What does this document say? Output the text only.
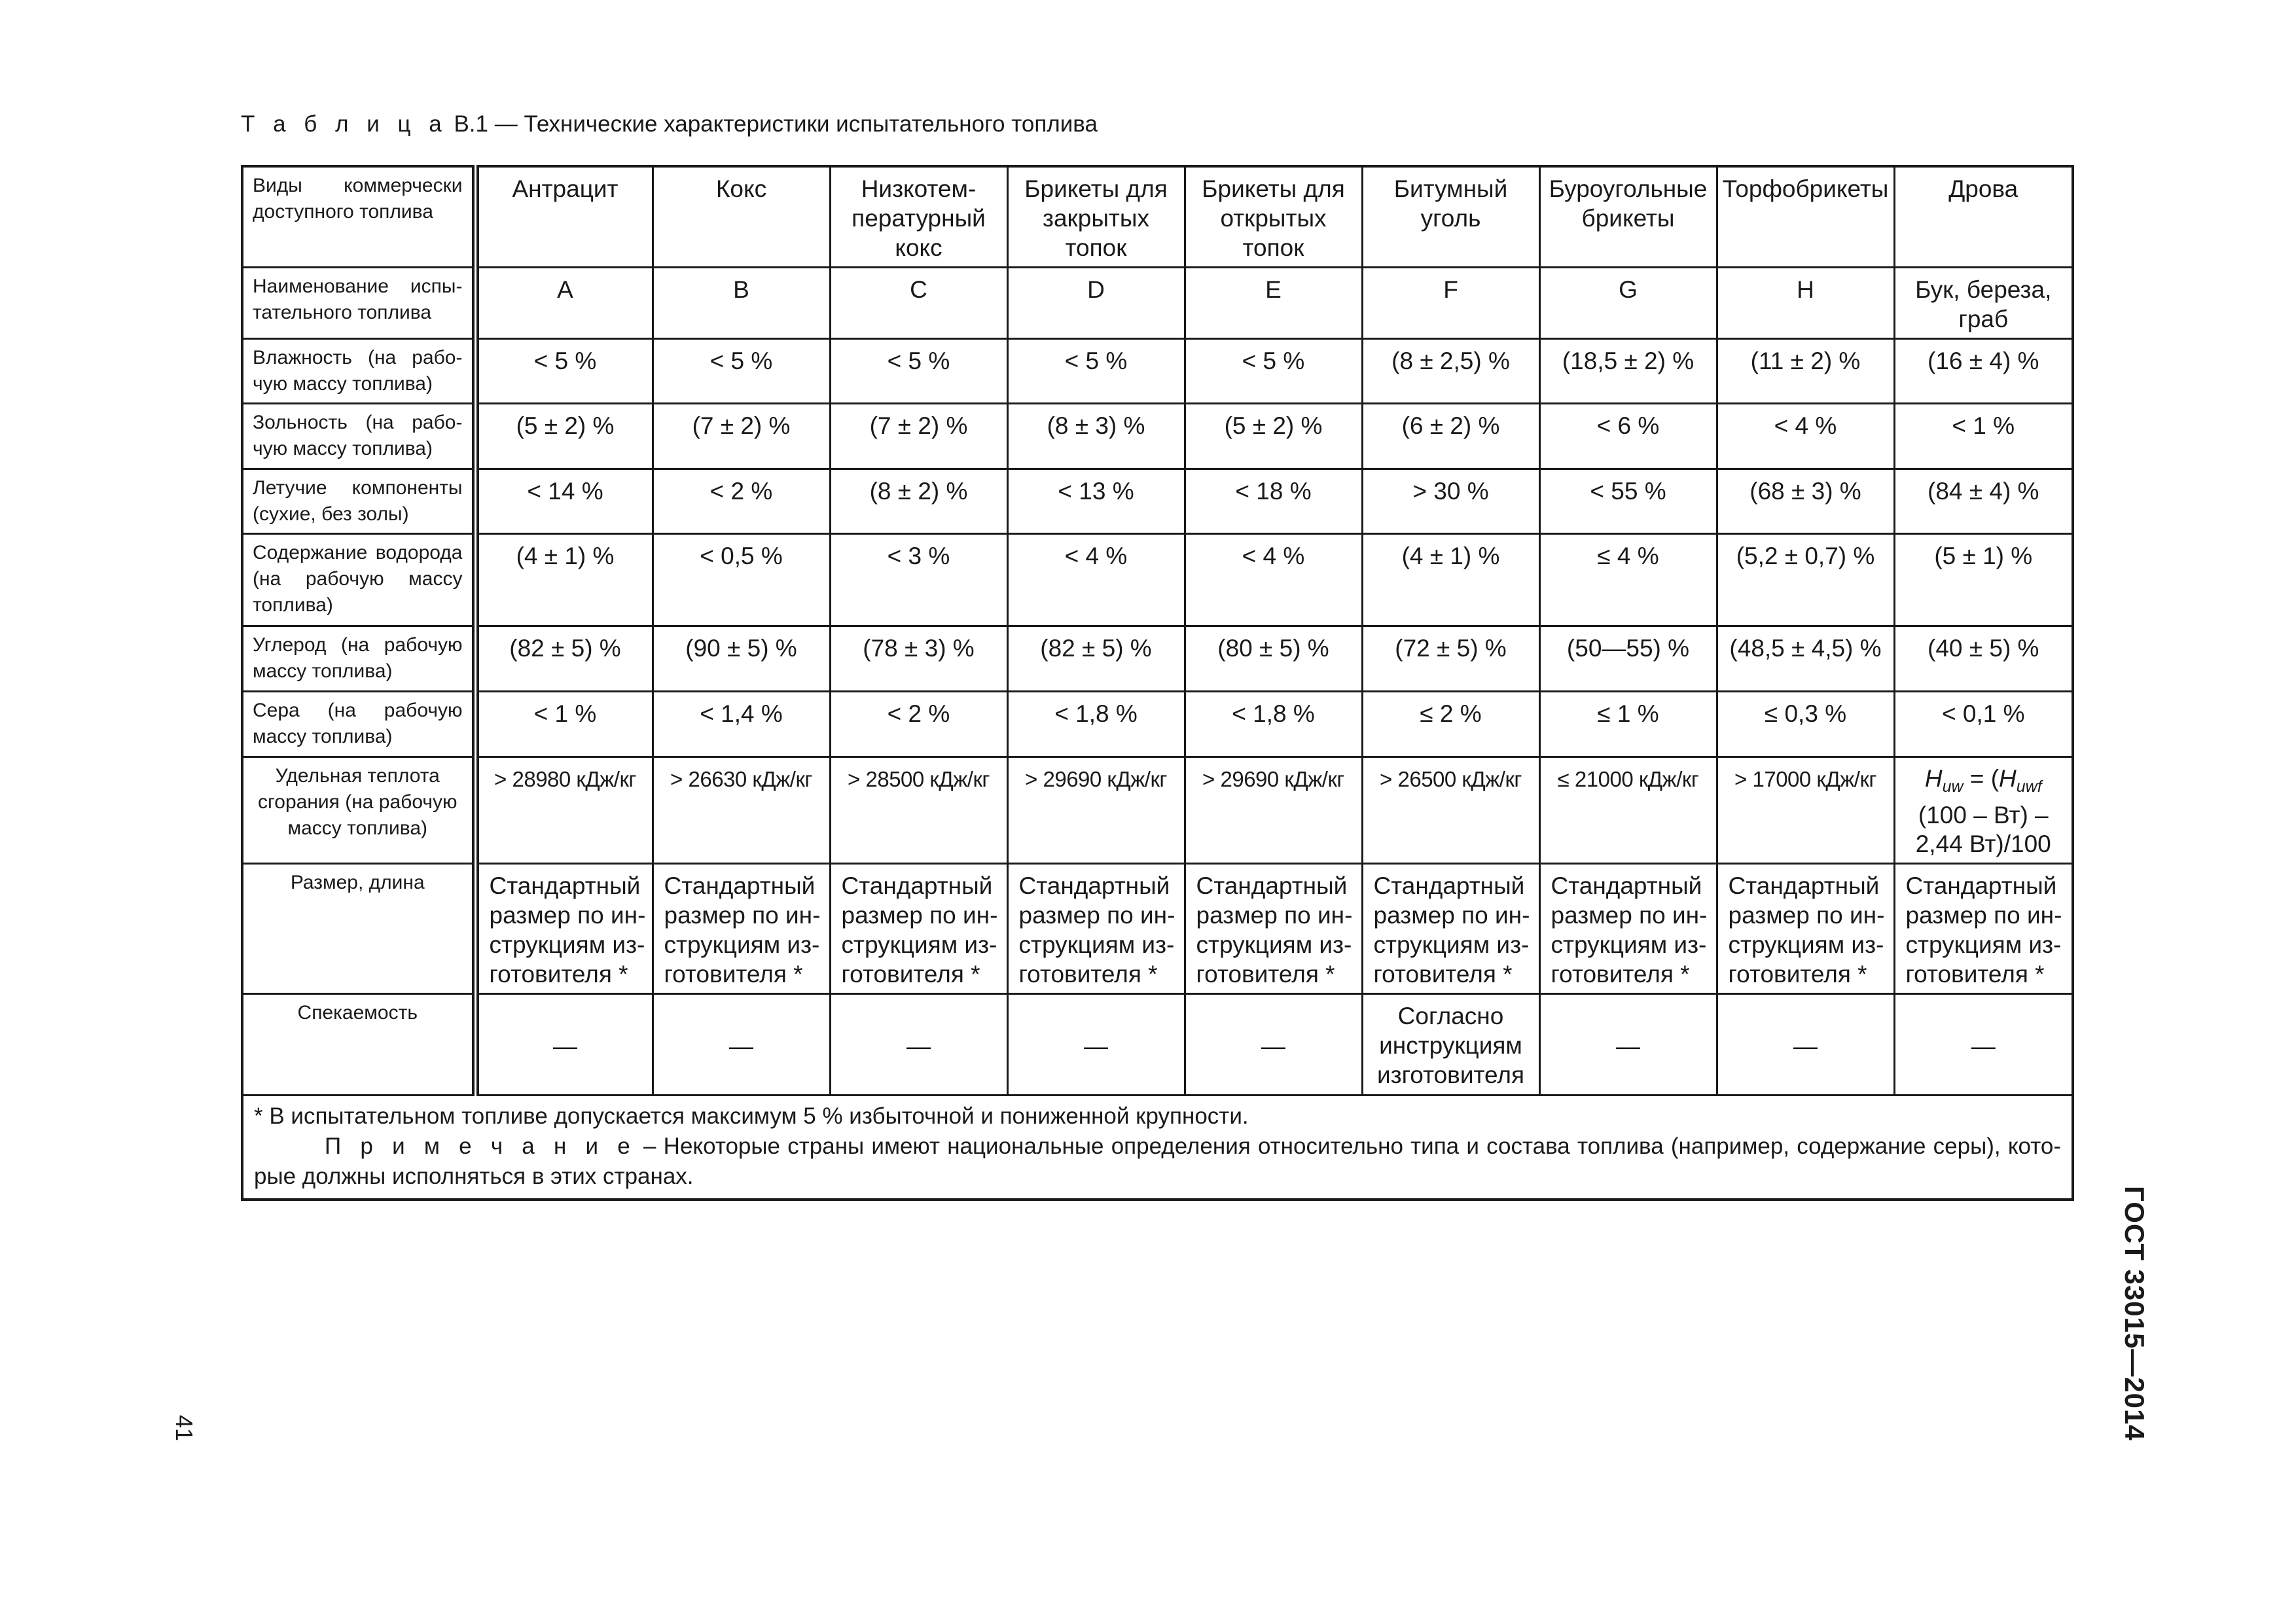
Т а б л и ц а В.1 — Технические характеристики испытательного топлива
Виды коммерчески доступного топлива	Антрацит	Кокс	Низкотемпературный кокс	Брикеты для закрытых топок	Брикеты для открытых топок	Битумный уголь	Буроугольные брикеты	Торфобрикеты	Дрова
Наименование испытательного топлива	A	B	C	D	E	F	G	H	Бук, береза, граб
Влажность (на рабочую массу топлива)	< 5 %	< 5 %	< 5 %	< 5 %	< 5 %	(8 ± 2,5) %	(18,5 ± 2) %	(11 ± 2) %	(16 ± 4) %
Зольность (на рабочую массу топлива)	(5 ± 2) %	(7 ± 2) %	(7 ± 2) %	(8 ± 3) %	(5 ± 2) %	(6 ± 2) %	< 6 %	< 4 %	< 1 %
Летучие компоненты (сухие, без золы)	< 14 %	< 2 %	(8 ± 2) %	< 13 %	< 18 %	> 30 %	< 55 %	(68 ± 3) %	(84 ± 4) %
Содержание водорода (на рабочую массу топлива)	(4 ± 1) %	< 0,5 %	< 3 %	< 4 %	< 4 %	(4 ± 1) %	≤ 4 %	(5,2 ± 0,7) %	(5 ± 1) %
Углерод (на рабочую массу топлива)	(82 ± 5) %	(90 ± 5) %	(78 ± 3) %	(82 ± 5) %	(80 ± 5) %	(72 ± 5) %	(50—55) %	(48,5 ± 4,5) %	(40 ± 5) %
Сера (на рабочую массу топлива)	< 1 %	< 1,4 %	< 2 %	< 1,8 %	< 1,8 %	≤ 2 %	≤ 1 %	≤ 0,3 %	< 0,1 %
Удельная теплота сгорания (на рабочую массу топлива)	> 28980 кДж/кг	> 26630 кДж/кг	> 28500 кДж/кг	> 29690 кДж/кг	> 29690 кДж/кг	> 26500 кДж/кг	≤ 21000 кДж/кг	> 17000 кДж/кг	$H_{uw} = (H_{uwf}$ (100 – Вт) – 2,44 Вт)/100
Размер, длина	Стандартный размер по инструкциям изготовителя *	Стандартный размер по инструкциям изготовителя *	Стандартный размер по инструкциям изготовителя *	Стандартный размер по инструкциям изготовителя *	Стандартный размер по инструкциям изготовителя *	Стандартный размер по инструкциям изготовителя *	Стандартный размер по инструкциям изготовителя *	Стандартный размер по инструкциям изготовителя *	Стандартный размер по инструкциям изготовителя *
Спекаемость	—	—	—	—	—	Согласно инструкциям изготовителя	—	—	—

* В испытательном топливе допускается максимум 5 % избыточной и пониженной крупности.
П р и м е ч а н и е – Некоторые страны имеют национальные определения относительно типа и состава топлива (например, содержание серы), которые должны исполняться в этих странах.									
41	ГОСТ 33015—2014
